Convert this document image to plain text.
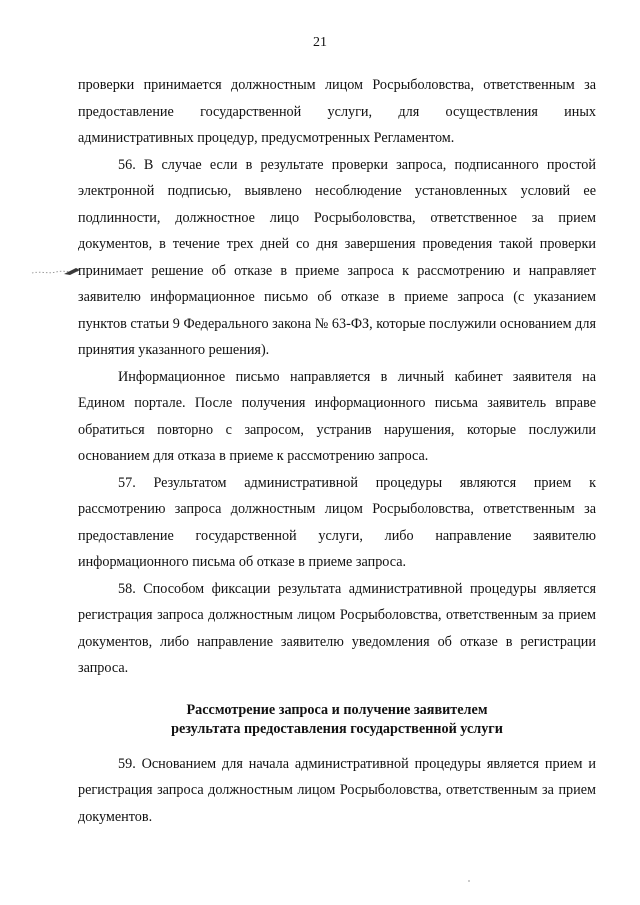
21

проверки принимается должностным лицом Росрыболовства, ответственным за предоставление государственной услуги, для осуществления иных административных процедур, предусмотренных Регламентом.

56. В случае если в результате проверки запроса, подписанного простой электронной подписью, выявлено несоблюдение установленных условий ее подлинности, должностное лицо Росрыболовства, ответственное за прием документов, в течение трех дней со дня завершения проведения такой проверки принимает решение об отказе в приеме запроса к рассмотрению и направляет заявителю информационное письмо об отказе в приеме запроса (с указанием пунктов статьи 9 Федерального закона № 63-ФЗ, которые послужили основанием для принятия указанного решения).

Информационное письмо направляется в личный кабинет заявителя на Едином портале. После получения информационного письма заявитель вправе обратиться повторно с запросом, устранив нарушения, которые послужили основанием для отказа в приеме к рассмотрению запроса.

57. Результатом административной процедуры являются прием к рассмотрению запроса должностным лицом Росрыболовства, ответственным за предоставление государственной услуги, либо направление заявителю информационного письма об отказе в приеме запроса.

58. Способом фиксации результата административной процедуры является регистрация запроса должностным лицом Росрыболовства, ответственным за прием документов, либо направление заявителю уведомления об отказе в регистрации запроса.

Рассмотрение запроса и получение заявителем
результата предоставления государственной услуги

59. Основанием для начала административной процедуры является прием и регистрация запроса должностным лицом Росрыболовства, ответственным за прием документов.
